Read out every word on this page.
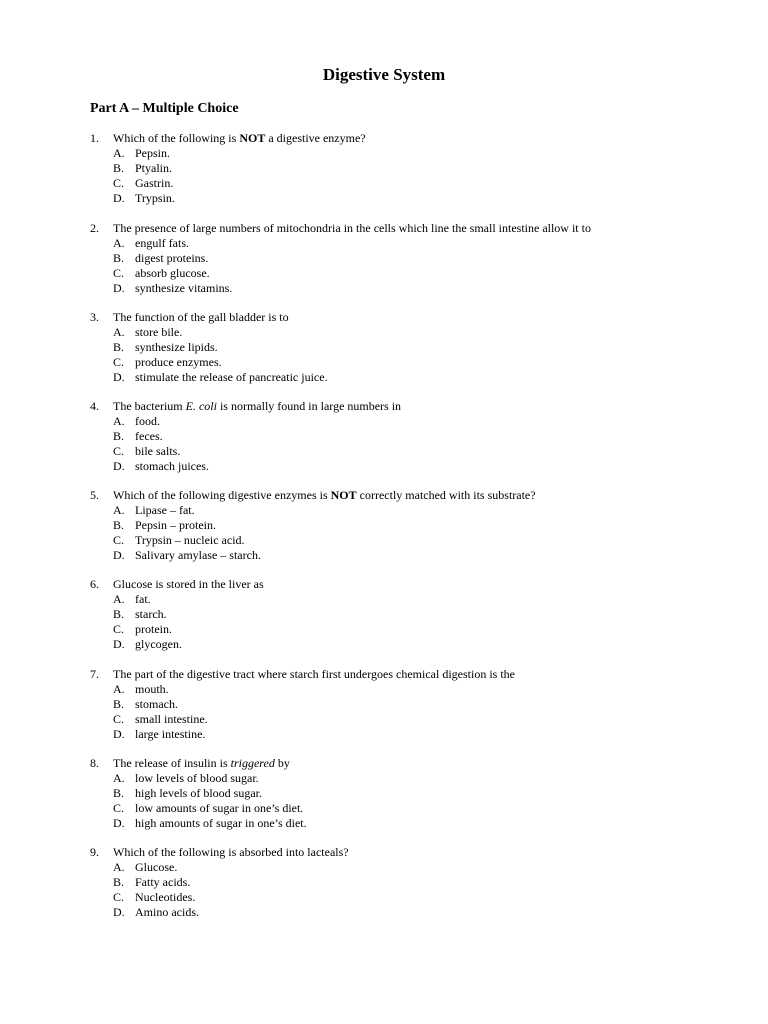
Digestive System
Part A – Multiple Choice
1.	Which of the following is NOT a digestive enzyme?
A. Pepsin.
B. Ptyalin.
C. Gastrin.
D. Trypsin.
2.	The presence of large numbers of mitochondria in the cells which line the small intestine allow it to
A. engulf fats.
B. digest proteins.
C. absorb glucose.
D. synthesize vitamins.
3.	The function of the gall bladder is to
A. store bile.
B. synthesize lipids.
C. produce enzymes.
D. stimulate the release of pancreatic juice.
4.	The bacterium E. coli is normally found in large numbers in
A. food.
B. feces.
C. bile salts.
D. stomach juices.
5.	Which of the following digestive enzymes is NOT correctly matched with its substrate?
A. Lipase – fat.
B. Pepsin – protein.
C. Trypsin – nucleic acid.
D. Salivary amylase – starch.
6.	Glucose is stored in the liver as
A. fat.
B. starch.
C. protein.
D. glycogen.
7.	The part of the digestive tract where starch first undergoes chemical digestion is the
A. mouth.
B. stomach.
C. small intestine.
D. large intestine.
8.	The release of insulin is triggered by
A. low levels of blood sugar.
B. high levels of blood sugar.
C. low amounts of sugar in one’s diet.
D. high amounts of sugar in one’s diet.
9.	Which of the following is absorbed into lacteals?
A. Glucose.
B. Fatty acids.
C. Nucleotides.
D. Amino acids.
